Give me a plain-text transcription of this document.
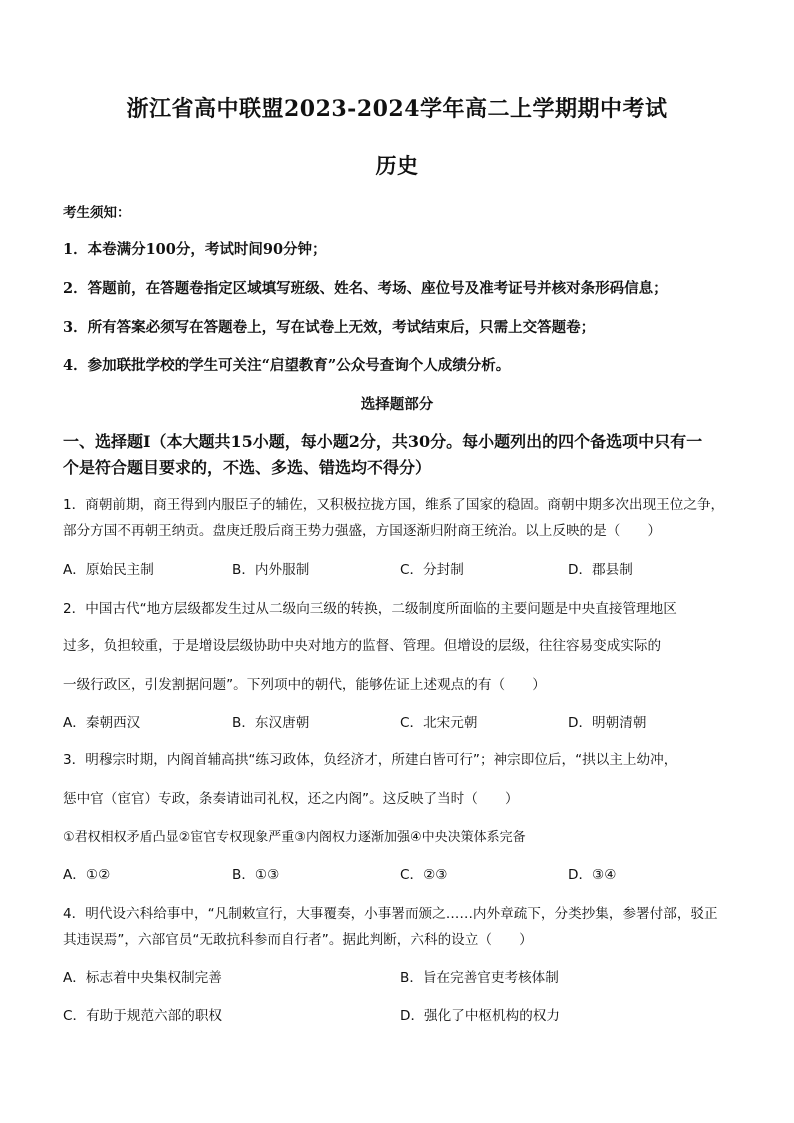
浙江省高中联盟2023-2024学年高二上学期期中考试
历史
考生须知：
1．本卷满分100分，考试时间90分钟；
2．答题前，在答题卷指定区域填写班级、姓名、考场、座位号及准考证号并核对条形码信息；
3．所有答案必须写在答题卷上，写在试卷上无效，考试结束后，只需上交答题卷；
4．参加联批学校的学生可关注“启望教育”公众号查询个人成绩分析。
选择题部分
一、选择题Ⅰ（本大题共15小题，每小题2分，共30分。每小题列出的四个备选项中只有一
个是符合题目要求的，不选、多选、错选均不得分）
1．商朝前期，商王得到内服臣子的辅佐，又积极拉拢方国，维系了国家的稳固。商朝中期多次出现王位之争，
部分方国不再朝王纳贡。盘庚迁殷后商王势力强盛，方国逐渐归附商王统治。以上反映的是（　　）
A．原始民主制	B．内外服制	C．分封制	D．郡县制
2．中国古代“地方层级都发生过从二级向三级的转换，二级制度所面临的主要问题是中央直接管理地区
过多，负担较重，于是增设层级协助中央对地方的监督、管理。但增设的层级，往往容易变成实际的
一级行政区，引发割据问题”。下列项中的朝代，能够佐证上述观点的有（　　）
A．秦朝西汉	B．东汉唐朝	C．北宋元朝	D．明朝清朝
3．明穆宗时期，内阁首辅高拱“练习政体，负经济才，所建白皆可行”；神宗即位后，“拱以主上幼冲，
惩中官（宦官）专政，条奏请诎司礼权，还之内阁”。这反映了当时（　　）
①君权相权矛盾凸显②宦官专权现象严重③内阁权力逐渐加强④中央决策体系完备
A．①②	B．①③	C．②③	D．③④
4．明代设六科给事中，“凡制敕宣行，大事覆奏，小事署而颁之……内外章疏下，分类抄集，参署付部，驳正
其违误焉”，六部官员“无敢抗科参而自行者”。据此判断，六科的设立（　　）
A．标志着中央集权制完善	B．旨在完善官吏考核体制
C．有助于规范六部的职权	D．强化了中枢机构的权力
